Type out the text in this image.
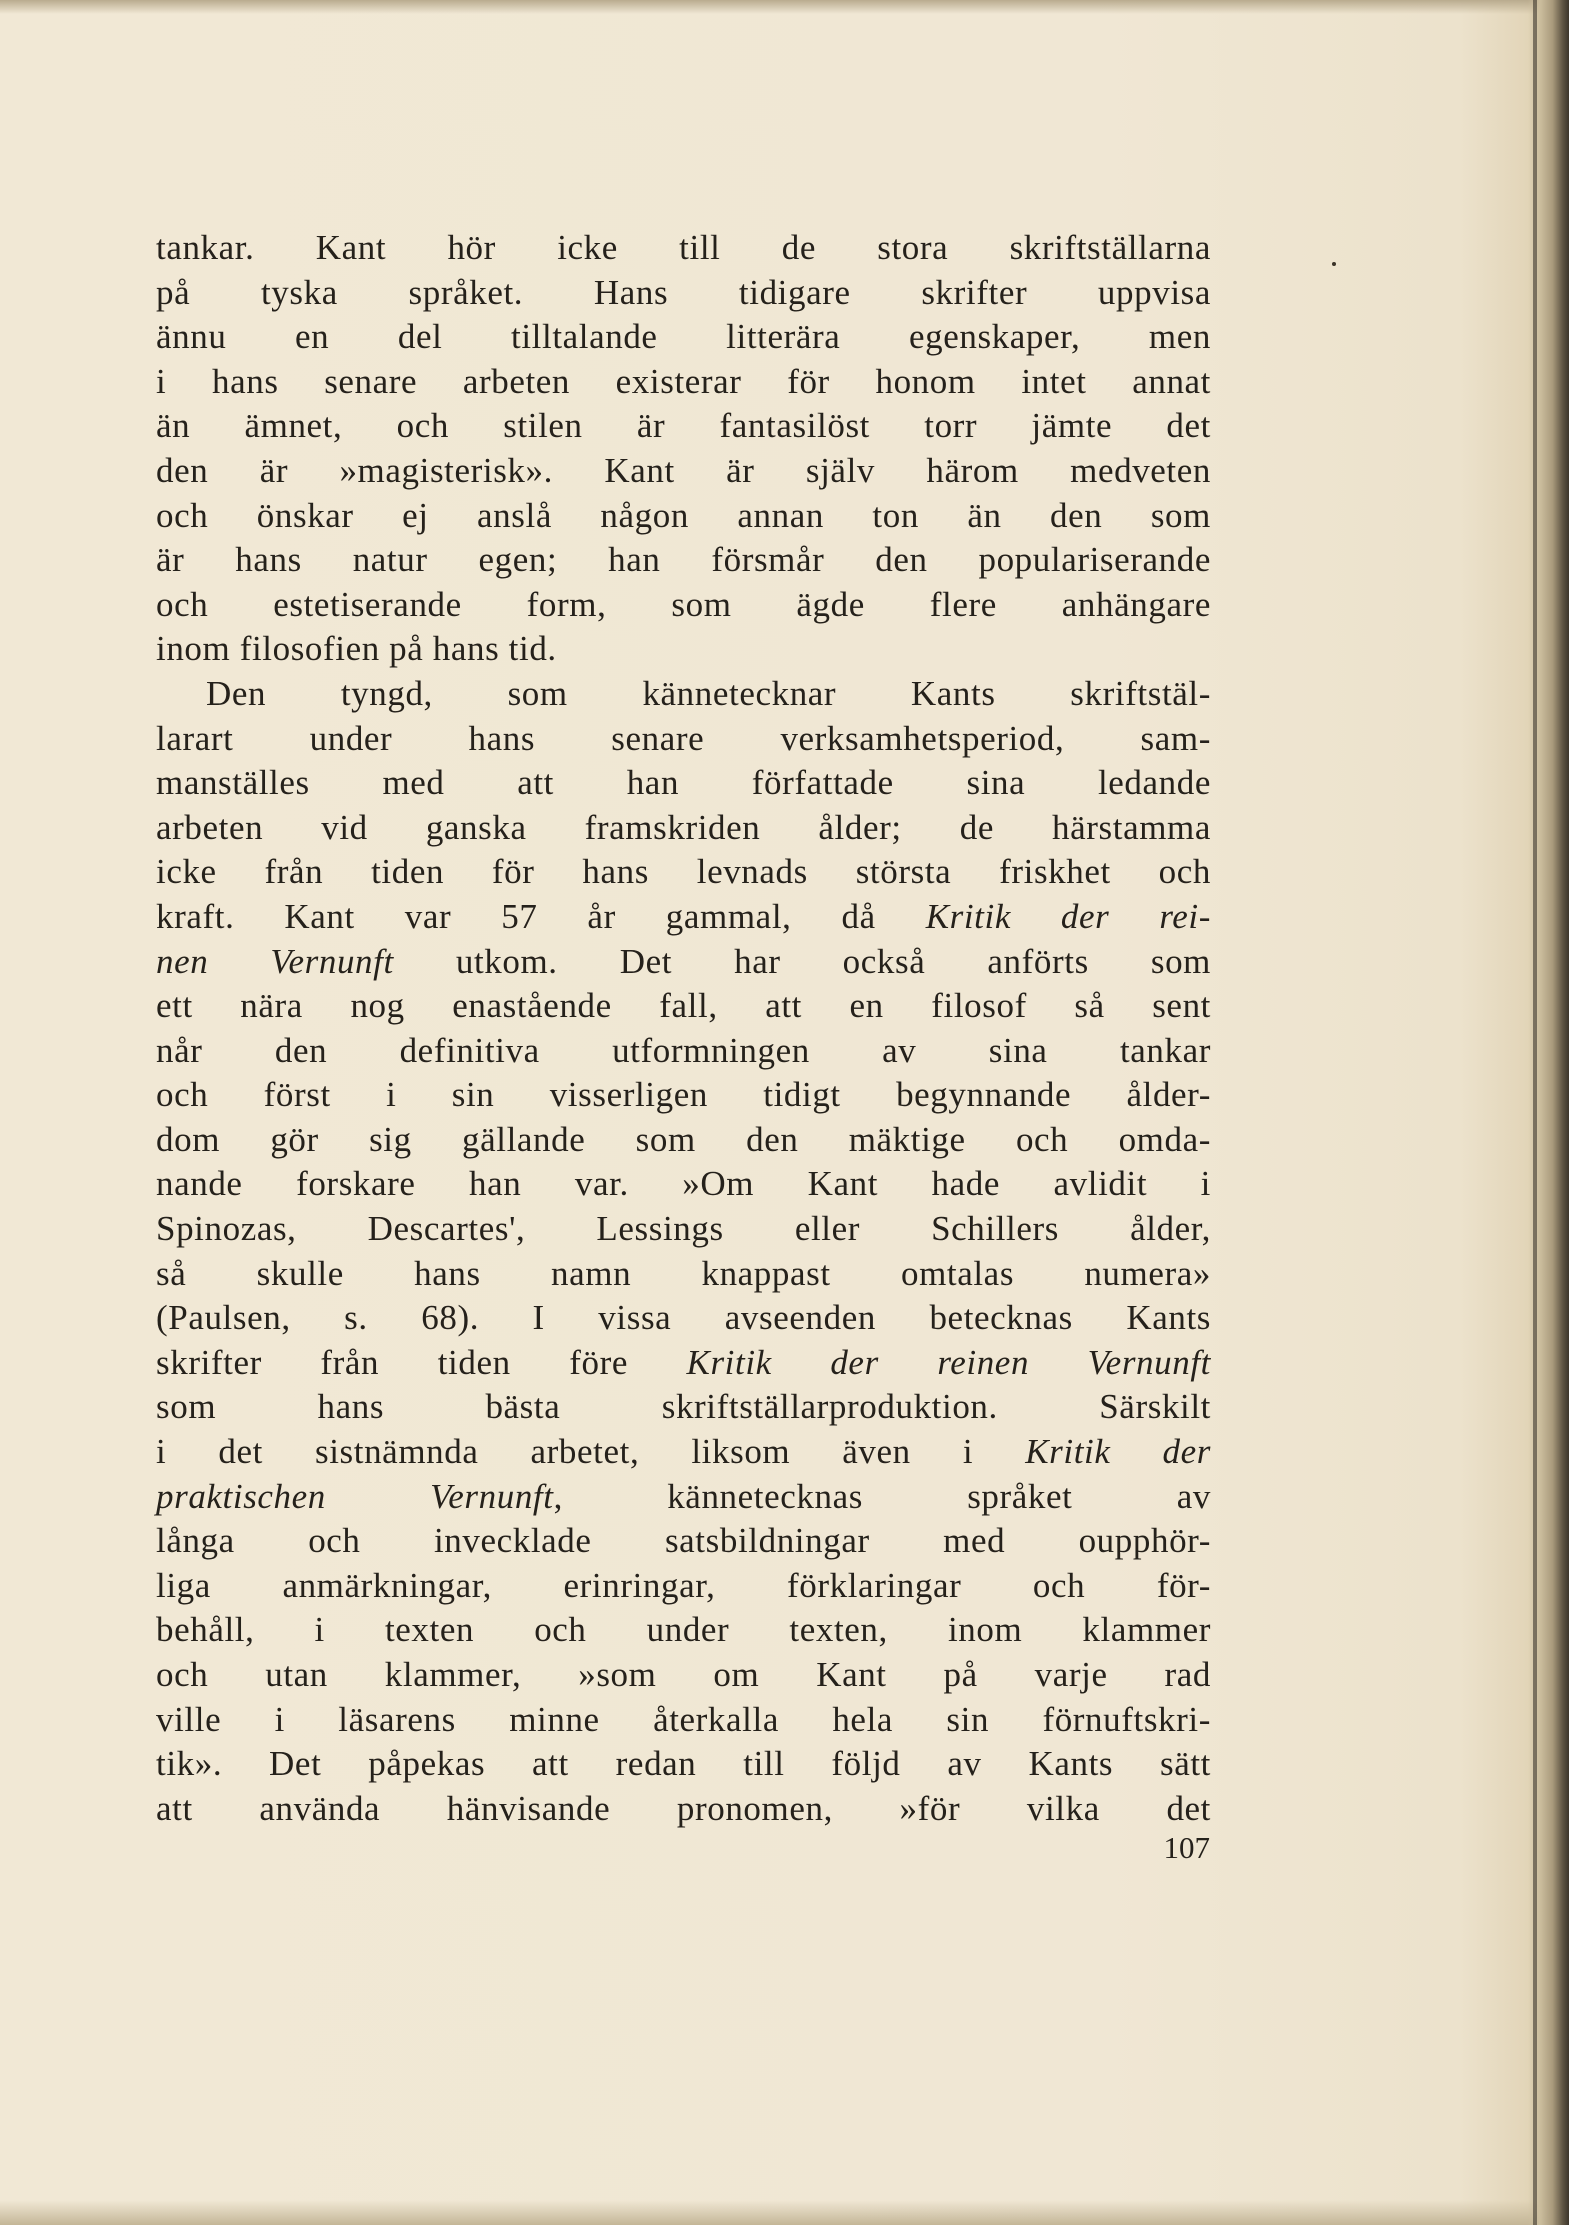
tankar. Kant hör icke till de stora skriftställarna
på tyska språket. Hans tidigare skrifter uppvisa
ännu en del tilltalande litterära egenskaper, men
i hans senare arbeten existerar för honom intet annat
än ämnet, och stilen är fantasilöst torr jämte det
den är »magisterisk». Kant är själv härom medveten
och önskar ej anslå någon annan ton än den som
är hans natur egen; han försmår den populariserande
och estetiserande form, som ägde flere anhängare
inom filosofien på hans tid.
Den tyngd, som kännetecknar Kants skriftstäl-
larart under hans senare verksamhetsperiod, sam-
manställes med att han författade sina ledande
arbeten vid ganska framskriden ålder; de härstamma
icke från tiden för hans levnads största friskhet och
kraft. Kant var 57 år gammal, då Kritik der rei-
nen Vernunft utkom. Det har också anförts som
ett nära nog enastående fall, att en filosof så sent
når den definitiva utformningen av sina tankar
och först i sin visserligen tidigt begynnande ålder-
dom gör sig gällande som den mäktige och omda-
nande forskare han var. »Om Kant hade avlidit i
Spinozas, Descartes', Lessings eller Schillers ålder,
så skulle hans namn knappast omtalas numera»
(Paulsen, s. 68). I vissa avseenden betecknas Kants
skrifter från tiden före Kritik der reinen Vernunft
som hans bästa skriftställarproduktion. Särskilt
i det sistnämnda arbetet, liksom även i Kritik der
praktischen Vernunft, kännetecknas språket av
långa och invecklade satsbildningar med oupphör-
liga anmärkningar, erinringar, förklaringar och för-
behåll, i texten och under texten, inom klammer
och utan klammer, »som om Kant på varje rad
ville i läsarens minne återkalla hela sin förnuftskri-
tik». Det påpekas att redan till följd av Kants sätt
att använda hänvisande pronomen, »för vilka det
107
